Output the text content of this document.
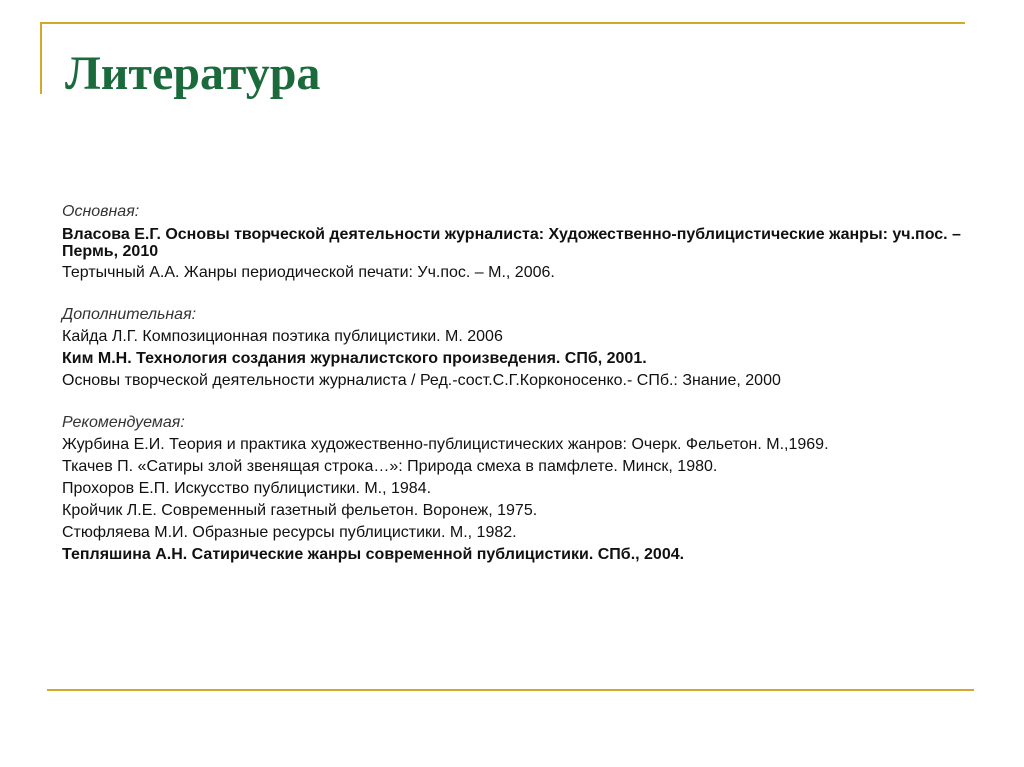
Литература

Основная:

Власова Е.Г. Основы творческой деятельности журналиста: Художественно-публицистические жанры: уч.пос. – Пермь, 2010

Тертычный А.А. Жанры периодической печати: Уч.пос. – М., 2006.

Дополнительная:

Кайда Л.Г. Композиционная поэтика публицистики. М. 2006

Ким М.Н. Технология создания журналистского произведения. СПб, 2001.

Основы творческой деятельности журналиста / Ред.-сост.С.Г.Корконосенко.- СПб.: Знание, 2000

Рекомендуемая:

Журбина Е.И. Теория и практика художественно-публицистических жанров: Очерк. Фельетон. М.,1969.

Ткачев П. «Сатиры злой звенящая строка…»: Природа смеха в памфлете. Минск, 1980.

Прохоров Е.П. Искусство публицистики. М., 1984.

Кройчик Л.Е. Современный газетный фельетон. Воронеж, 1975.

Стюфляева М.И. Образные ресурсы публицистики. М., 1982.

Тепляшина А.Н. Сатирические жанры современной публицистики. СПб., 2004.
